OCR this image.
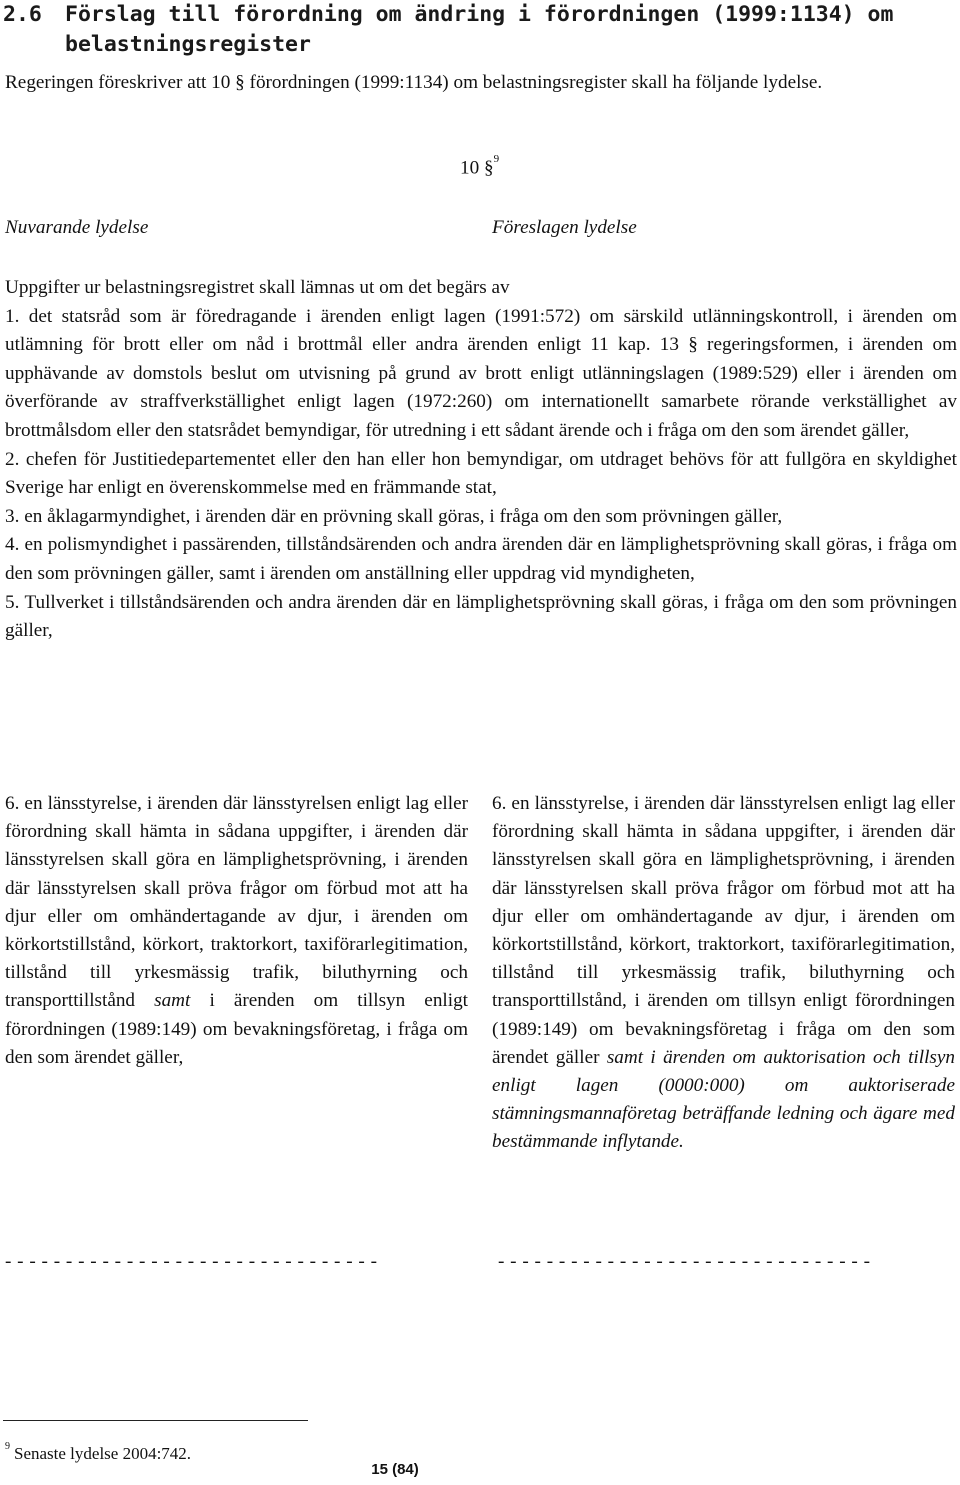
2.6 Förslag till förordning om ändring i förordningen (1999:1134) om
belastningsregister

Regeringen föreskriver att 10 § förordningen (1999:1134) om belastningsregister skall ha följande lydelse.

10 §$^9$
Nuvarande lydelse	Föreslagen lydelse

Uppgifter ur belastningsregistret skall lämnas ut om det begärs av

1. det statsråd som är föredragande i ärenden enligt lagen (1991:572) om särskild utlänningskontroll, i ärenden om utlämning för brott eller om nåd i brottmål eller andra ärenden enligt 11 kap. 13 § regeringsformen, i ärenden om upphävande av domstols beslut om utvisning på grund av brott enligt utlänningslagen (1989:529) eller i ärenden om överförande av straffverkställighet enligt lagen (1972:260) om internationellt samarbete rörande verkställighet av brottmålsdom eller den statsrådet bemyndigar, för utredning i ett sådant ärende och i fråga om den som ärendet gäller,

2. chefen för Justitiedepartementet eller den han eller hon bemyndigar, om utdraget behövs för att fullgöra en skyldighet Sverige har enligt en överenskommelse med en främmande stat,

3. en åklagarmyndighet, i ärenden där en prövning skall göras, i fråga om den som prövningen gäller,

4. en polismyndighet i passärenden, tillståndsärenden och andra ärenden där en lämplighetsprövning skall göras, i fråga om den som prövningen gäller, samt i ärenden om anställning eller uppdrag vid myndigheten,

5. Tullverket i tillståndsärenden och andra ärenden där en lämplighetsprövning skall göras, i fråga om den som prövningen gäller,

6. en länsstyrelse, i ärenden där länsstyrelsen enligt lag eller förordning skall hämta in sådana uppgifter, i ärenden där länsstyrelsen skall göra en lämplighetsprövning, i ärenden där länsstyrelsen skall pröva frågor om förbud mot att ha djur eller om omhändertagande av djur, i ärenden om körkortstillstånd, körkort, traktorkort, taxiförarlegitimation, tillstånd till yrkesmässig trafik, biluthyrning och transporttillstånd samt i ärenden om tillsyn enligt förordningen (1989:149) om bevakningsföretag, i fråga om den som ärendet gäller,

6. en länsstyrelse, i ärenden där länsstyrelsen enligt lag eller förordning skall hämta in sådana uppgifter, i ärenden där länsstyrelsen skall göra en lämplighetsprövning, i ärenden där länsstyrelsen skall pröva frågor om förbud mot att ha djur eller om omhändertagande av djur, i ärenden om körkortstillstånd, körkort, traktorkort, taxiförarlegitimation, tillstånd till yrkesmässig trafik, biluthyrning och transporttillstånd, i ärenden om tillsyn enligt förordningen (1989:149) om bevakningsföretag i fråga om den som ärendet gäller samt i ärenden om auktorisation och tillsyn enligt lagen (0000:000) om auktoriserade stämningsmannaföretag beträffande ledning och ägare med bestämmande inflytande.

- - - - - - - - - - - - - - - - - - - - - - - - - - - - - - -	- - - - - - - - - - - - - - - - - - - - - - - - - - - - - - -
$^9$ Senaste lydelse 2004:742.
15 (84)
